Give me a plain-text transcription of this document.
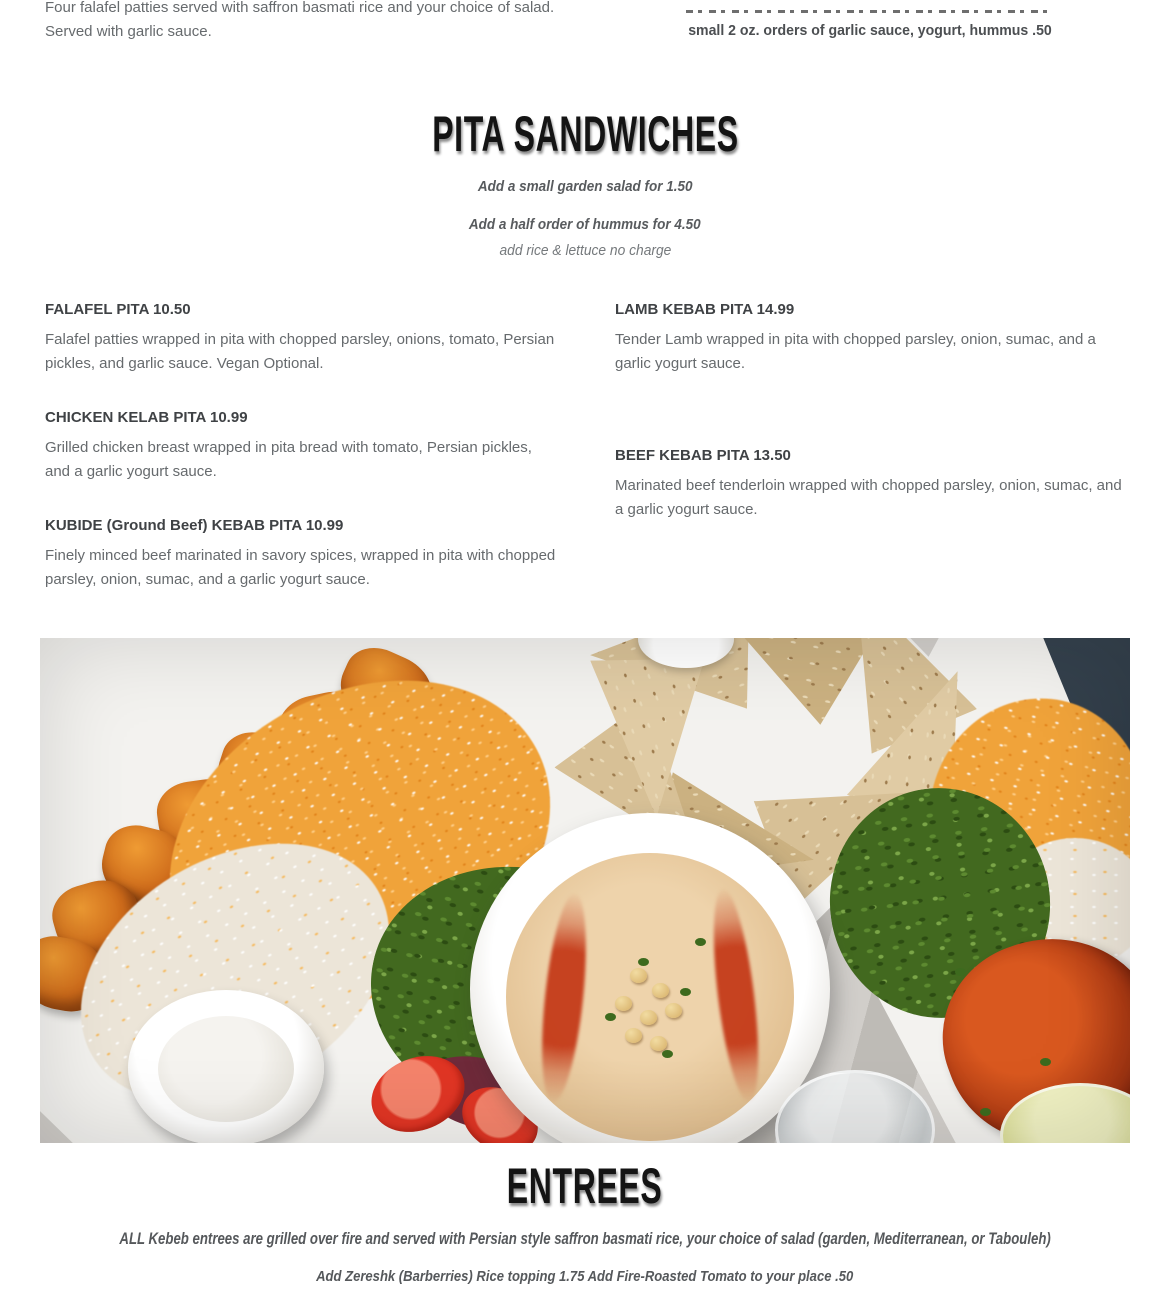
Four falafel patties served with saffron basmati rice and your choice of salad. Served with garlic sauce.	small 2 oz. orders of garlic sauce, yogurt, hummus .50
PITA SANDWICHES

Add a small garden salad for 1.50

Add a half order of hummus for 4.50

add rice & lettuce no charge

FALAFEL PITA 10.50
Falafel patties wrapped in pita with chopped parsley, onions, tomato, Persian pickles, and garlic sauce. Vegan Optional.
CHICKEN KELAB PITA 10.99
Grilled chicken breast wrapped in pita bread with tomato, Persian pickles, and a garlic yogurt sauce.
KUBIDE (Ground Beef) KEBAB PITA 10.99
Finely minced beef marinated in savory spices, wrapped in pita with chopped parsley, onion, sumac, and a garlic yogurt sauce.
LAMB KEBAB PITA 14.99
Tender Lamb wrapped in pita with chopped parsley, onion, sumac, and a garlic yogurt sauce.
BEEF KEBAB PITA 13.50
Marinated beef tenderloin wrapped with chopped parsley, onion, sumac, and a garlic yogurt sauce.
ENTREES

ALL Kebeb entrees are grilled over fire and served with Persian style saffron basmati rice, your choice of salad (garden, Mediterranean, or Tabouleh)

Add Zereshk (Barberries) Rice topping 1.75 Add Fire-Roasted Tomato to your place .50
